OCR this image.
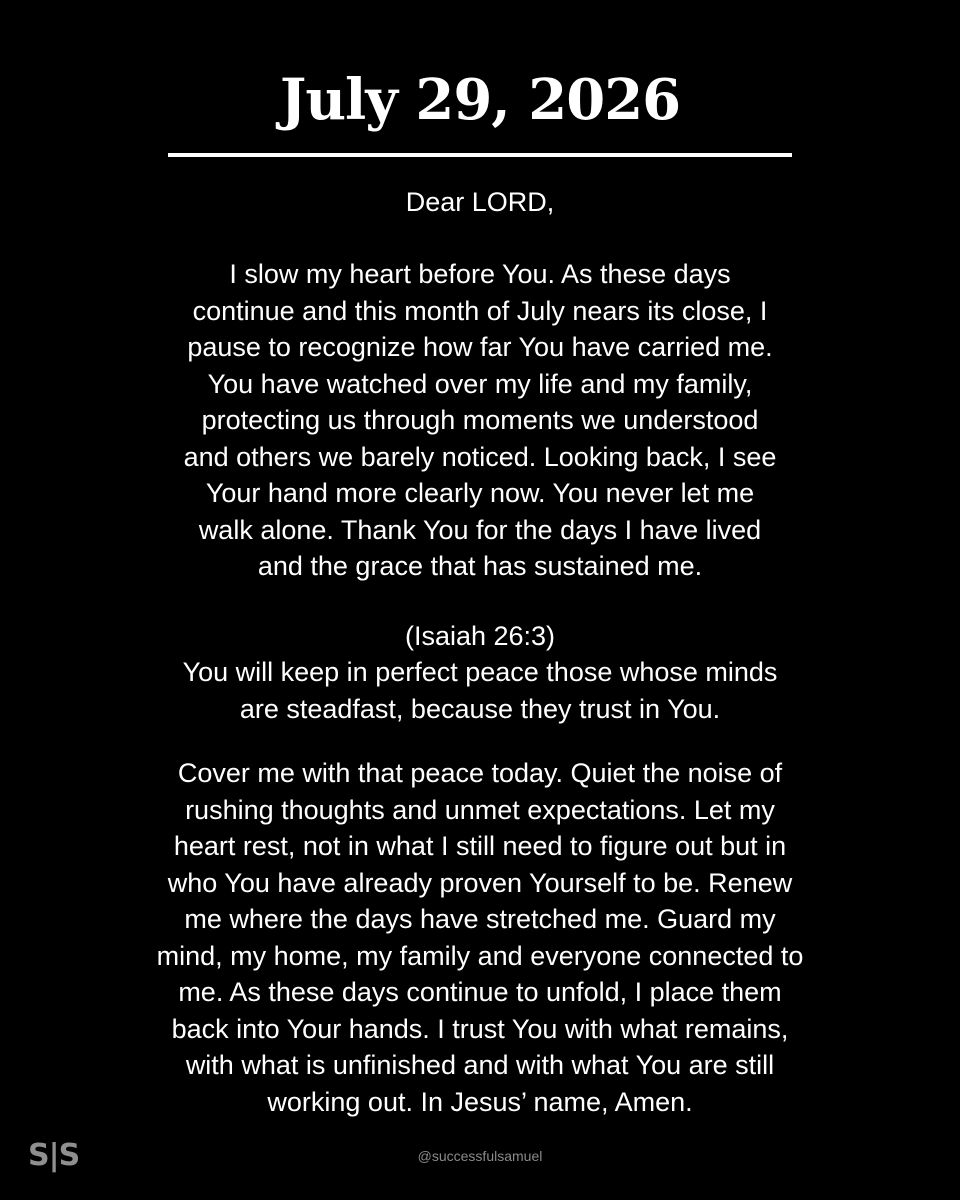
July 29, 2026
Dear LORD,
I slow my heart before You. As these days
continue and this month of July nears its close, I
pause to recognize how far You have carried me.
You have watched over my life and my family,
protecting us through moments we understood
and others we barely noticed. Looking back, I see
Your hand more clearly now. You never let me
walk alone. Thank You for the days I have lived
and the grace that has sustained me.
(Isaiah 26:3)
You will keep in perfect peace those whose minds
are steadfast, because they trust in You.
Cover me with that peace today. Quiet the noise of
rushing thoughts and unmet expectations. Let my
heart rest, not in what I still need to figure out but in
who You have already proven Yourself to be. Renew
me where the days have stretched me. Guard my
mind, my home, my family and everyone connected to
me. As these days continue to unfold, I place them
back into Your hands. I trust You with what remains,
with what is unfinished and with what You are still
working out. In Jesus’ name, Amen.
S|S	@successfulsamuel
